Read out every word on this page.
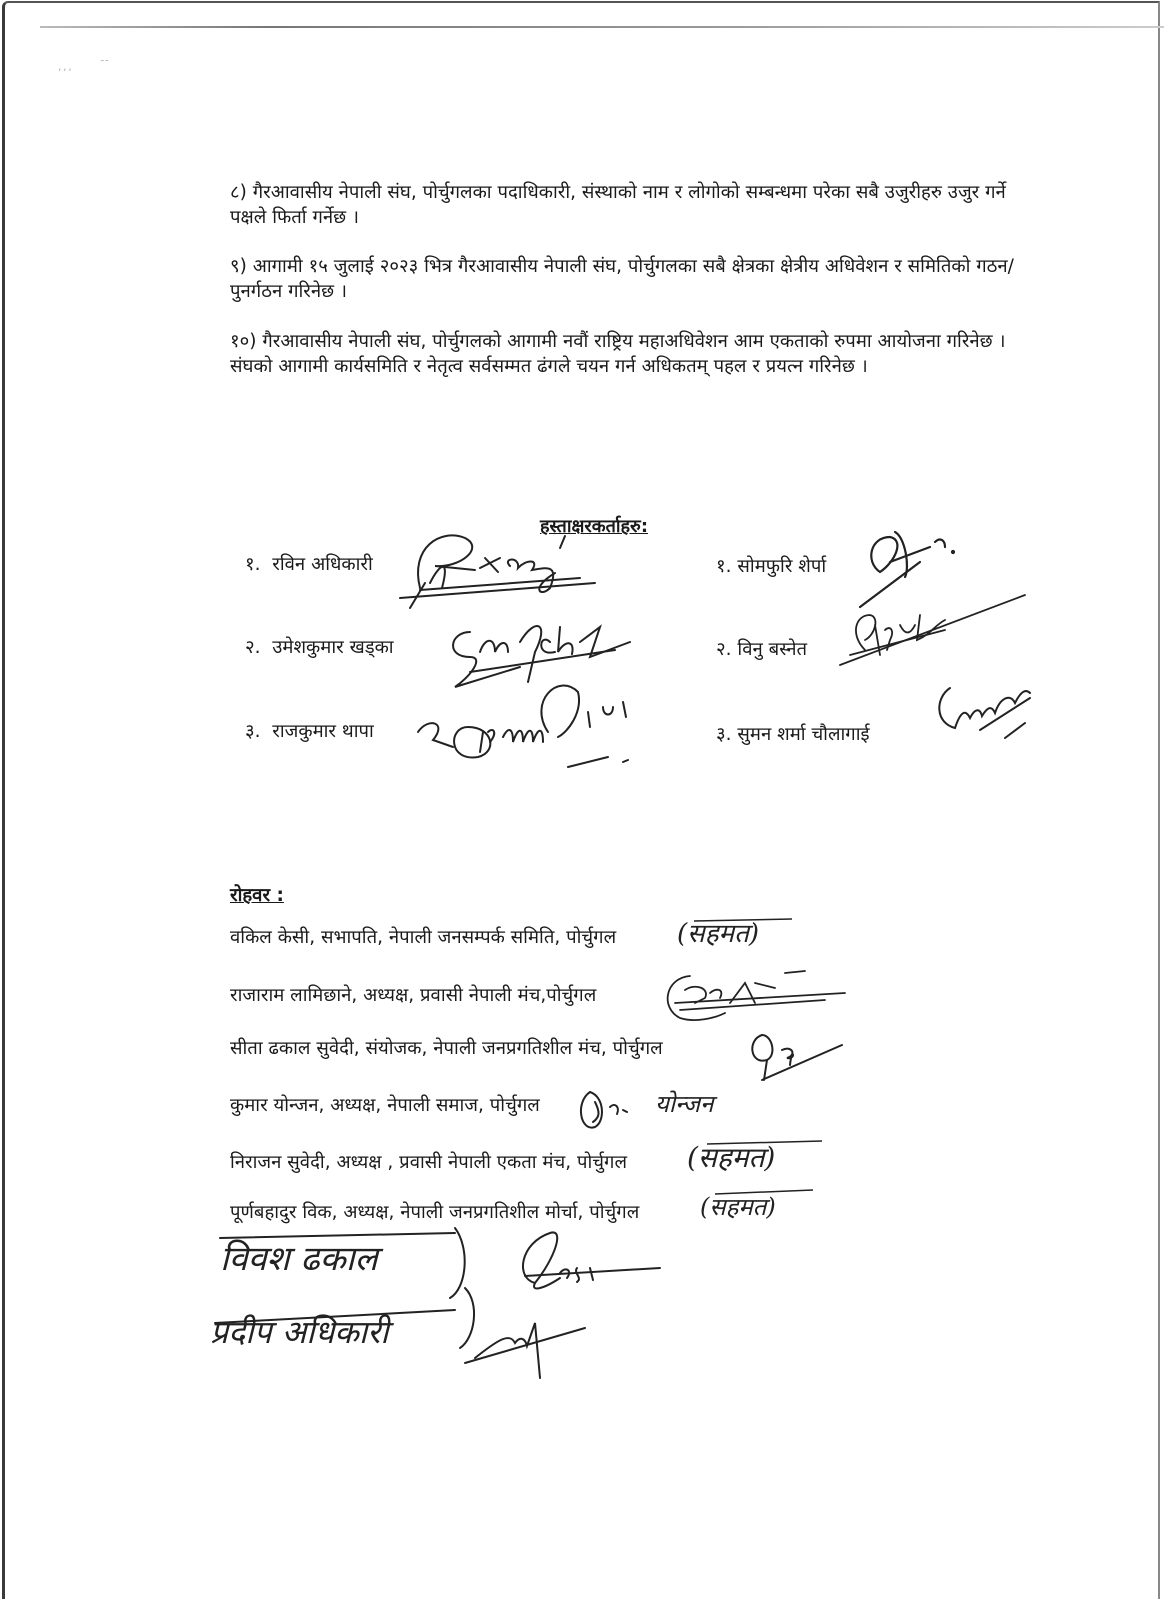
‚‚‚	˜˜

८) गैरआवासीय नेपाली संघ, पोर्चुगलका पदाधिकारी, संस्थाको नाम र लोगोको सम्बन्धमा परेका सबै उजुरीहरु उजुर गर्ने पक्षले फिर्ता गर्नेछ ।

९) आगामी १५ जुलाई २०२३ भित्र गैरआवासीय नेपाली संघ, पोर्चुगलका सबै क्षेत्रका क्षेत्रीय अधिवेशन र समितिको गठन/पुनर्गठन गरिनेछ ।

१०) गैरआवासीय नेपाली संघ, पोर्चुगलको आगामी नवौं राष्ट्रिय महाअधिवेशन आम एकताको रुपमा आयोजना गरिनेछ । संघको आगामी कार्यसमिति र नेतृत्व सर्वसम्मत ढंगले चयन गर्न अधिकतम् पहल र प्रयत्न गरिनेछ ।

हस्ताक्षरकर्ताहरु:
१. रविन अधिकारी
२. उमेशकुमार खड्का
३. राजकुमार थापा
१. सोमफुरि शेर्पा
२. विनु बस्नेत
३. सुमन शर्मा चौलागाई
रोहवर :
वकिल केसी, सभापति, नेपाली जनसम्पर्क समिति, पोर्चुगल (सहमत)
राजाराम लामिछाने, अध्यक्ष, प्रवासी नेपाली मंच,पोर्चुगल
सीता ढकाल सुवेदी, संयोजक, नेपाली जनप्रगतिशील मंच, पोर्चुगल
कुमार योन्जन, अध्यक्ष, नेपाली समाज, पोर्चुगल	योन्जन
निराजन सुवेदी, अध्यक्ष , प्रवासी नेपाली एकता मंच, पोर्चुगल (सहमत)
पूर्णबहादुर विक, अध्यक्ष, नेपाली जनप्रगतिशील मोर्चा, पोर्चुगल	(सहमत)
विवश ढकाल
प्रदीप अधिकारी
